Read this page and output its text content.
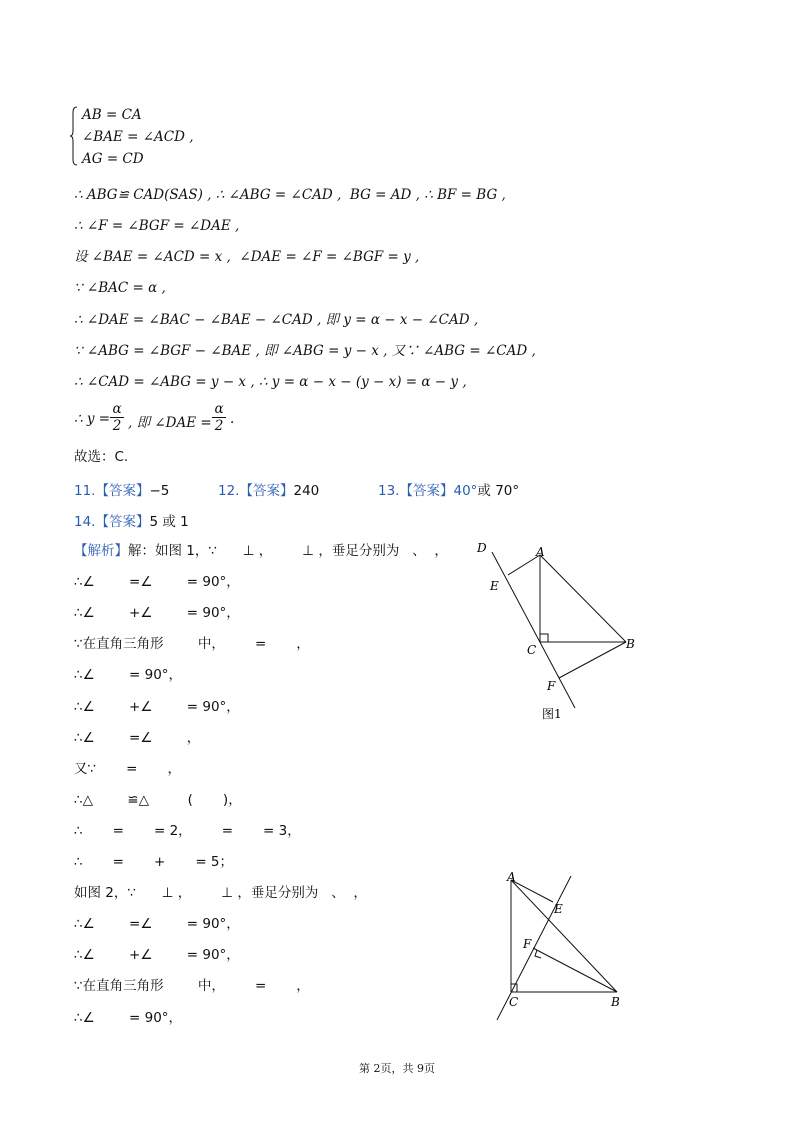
AB = CA
∠BAE = ∠ACD ,
AG = CD
∴ ABG≌ CAD(SAS) , ∴ ∠ABG = ∠CAD ,  BG = AD , ∴ BF = BG ,
∴ ∠F = ∠BGF = ∠DAE ,
设 ∠BAE = ∠ACD = x ,  ∠DAE = ∠F = ∠BGF = y ,
∵ ∠BAC = α ,
∴ ∠DAE = ∠BAC − ∠BAE − ∠CAD , 即 y = α − x − ∠CAD ,
∵ ∠ABG = ∠BGF − ∠BAE , 即 ∠ABG = y − x , 又∵ ∠ABG = ∠CAD ,
∴ ∠CAD = ∠ABG = y − x , ∴ y = α − x − (y − x) = α − y ,
∴ $y = \frac{\alpha}{2}$ , 即 ∠DAE = $\frac{\alpha}{2}$ .
故选：C.
11.【答案】−5	12.【答案】240	13.【答案】40°或 70°
14.【答案】5 或 1
【解析】解：如图 1，∵      ⊥ ，       ⊥ ，垂足分别为   、  ，
∴∠        =∠        = 90°，
∴∠        +∠        = 90°，
∵在直角三角形        中，       =       ，
∴∠        = 90°，
∴∠        +∠        = 90°，
∴∠        =∠        ，
又∵       =       ，
∴△        ≌△         (       )，
∴       =       = 2，       =       = 3，
∴       =       +       = 5；
如图 2，∵      ⊥ ，       ⊥ ，垂足分别为   、  ，
∴∠        =∠        = 90°，
∴∠        +∠        = 90°，
∵在直角三角形        中，       =       ，
∴∠        = 90°，
D	A
E
C	B
F
图1
A
E
F
C	B
第 2页，共 9页
